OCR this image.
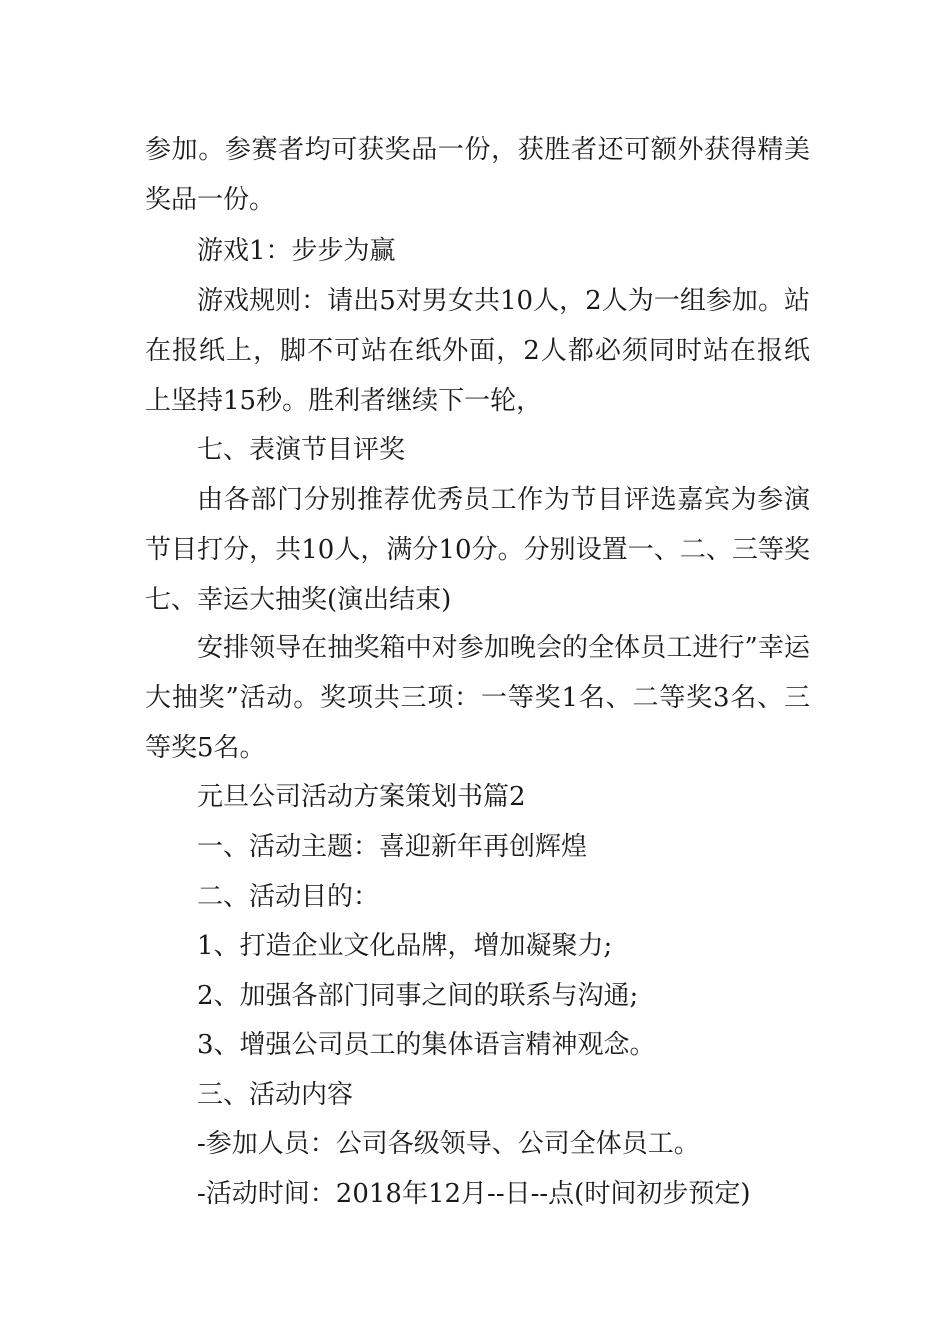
参加。参赛者均可获奖品一份，获胜者还可额外获得精美奖品一份。

游戏1：步步为赢

游戏规则：请出5对男女共10人，2人为一组参加。站在报纸上，脚不可站在纸外面，2人都必须同时站在报纸上坚持15秒。胜利者继续下一轮，

七、表演节目评奖

由各部门分别推荐优秀员工作为节目评选嘉宾为参演节目打分，共10人，满分10分。分别设置一、二、三等奖七、幸运大抽奖(演出结束)

安排领导在抽奖箱中对参加晚会的全体员工进行”幸运大抽奖”活动。奖项共三项：一等奖1名、二等奖3名、三等奖5名。

元旦公司活动方案策划书篇2

一、活动主题：喜迎新年再创辉煌

二、活动目的：

1、打造企业文化品牌，增加凝聚力;

2、加强各部门同事之间的联系与沟通;

3、增强公司员工的集体语言精神观念。

三、活动内容

-参加人员：公司各级领导、公司全体员工。

-活动时间：2018年12月--日--点(时间初步预定)
